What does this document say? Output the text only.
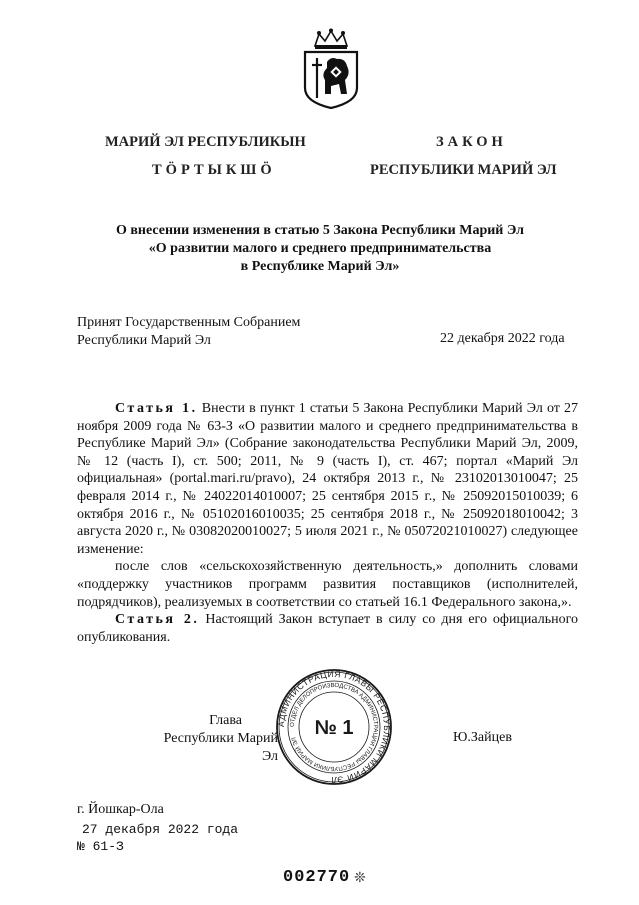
МАРИЙ ЭЛ РЕСПУБЛИКЫН
ТӦРТЫКШӦ
ЗАКОН
РЕСПУБЛИКИ МАРИЙ ЭЛ
О внесении изменения в статью 5 Закона Республики Марий Эл
«О развитии малого и среднего предпринимательства
в Республике Марий Эл»
Принят Государственным Собранием
Республики Марий Эл	22 декабря 2022 года

Статья 1. Внести в пункт 1 статьи 5 Закона Республики Марий Эл от 27 ноября 2009 года № 63-З «О развитии малого и среднего предпринимательства в Республике Марий Эл» (Собрание законодательства Республики Марий Эл, 2009, № 12 (часть I), ст. 500; 2011, № 9 (часть I), ст. 467; портал «Марий Эл официальная» (portal.mari.ru/pravo), 24 октября 2013 г., № 23102013010047; 25 февраля 2014 г., № 24022014010007; 25 сентября 2015 г., № 25092015010039; 6 октября 2016 г., № 05102016010035; 25 сентября 2018 г., № 25092018010042; 3 августа 2020 г., № 03082020010027; 5 июля 2021 г., № 05072021010027) следующее изменение:

после слов «сельскохозяйственную деятельность,» дополнить словами «поддержку участников программ развития поставщиков (исполнителей, подрядчиков), реализуемых в соответствии со статьей 16.1 Федерального закона,».

Статья 2. Настоящий Закон вступает в силу со дня его официального опубликования.

Глава
Республики Марий Эл
Ю.Зайцев
АДМИНИСТРАЦИЯ ГЛАВЫ РЕСПУБЛИКИ МАРИЙ ЭЛ
ОТДЕЛ ДЕЛОПРОИЗВОДСТВА АДМИНИСТРАЦИИ ГЛАВЫ РЕСПУБЛИКИ МАРИЙ ЭЛ
№ 1
г. Йошкар-Ола
27 декабря 2022 года
№ 61-З
002770 ❊
